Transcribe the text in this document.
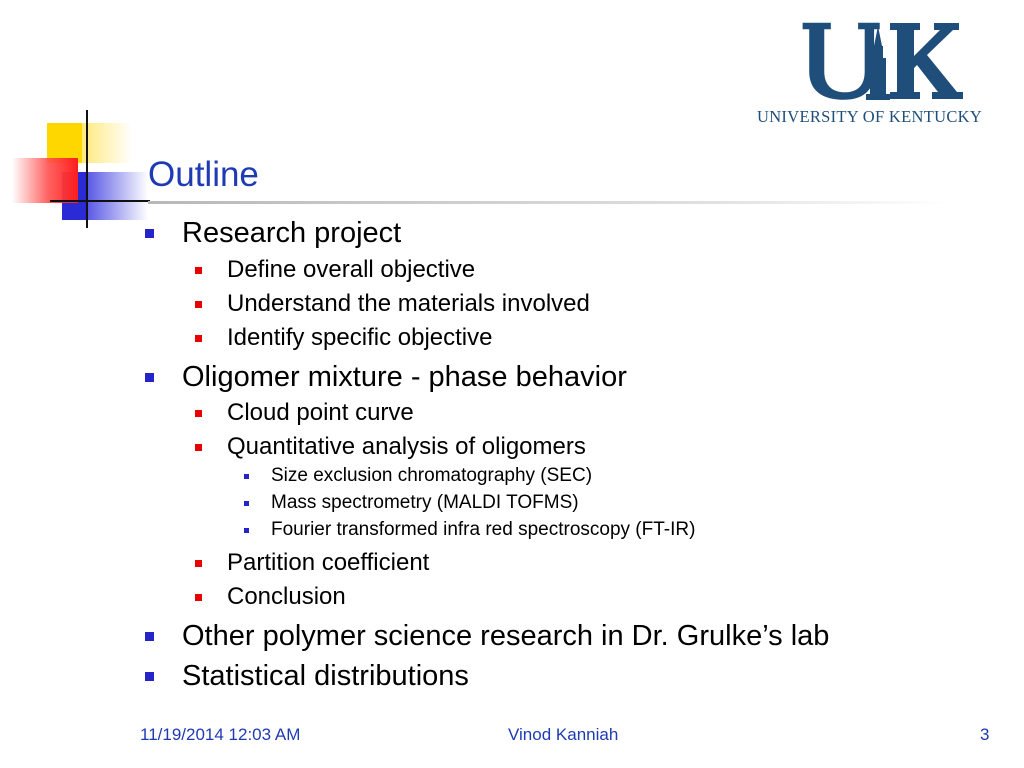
Outline
UNIVERSITY OF KENTUCKY
Research project
Define overall objective
Understand the materials involved
Identify specific objective
Oligomer mixture - phase behavior
Cloud point curve
Quantitative analysis of oligomers
Size exclusion chromatography (SEC)
Mass spectrometry (MALDI TOFMS)
Fourier transformed infra red spectroscopy (FT-IR)
Partition coefficient
Conclusion
Other polymer science research in Dr. Grulke’s lab
Statistical distributions
11/19/2014 12:03 AM	Vinod Kanniah	3
